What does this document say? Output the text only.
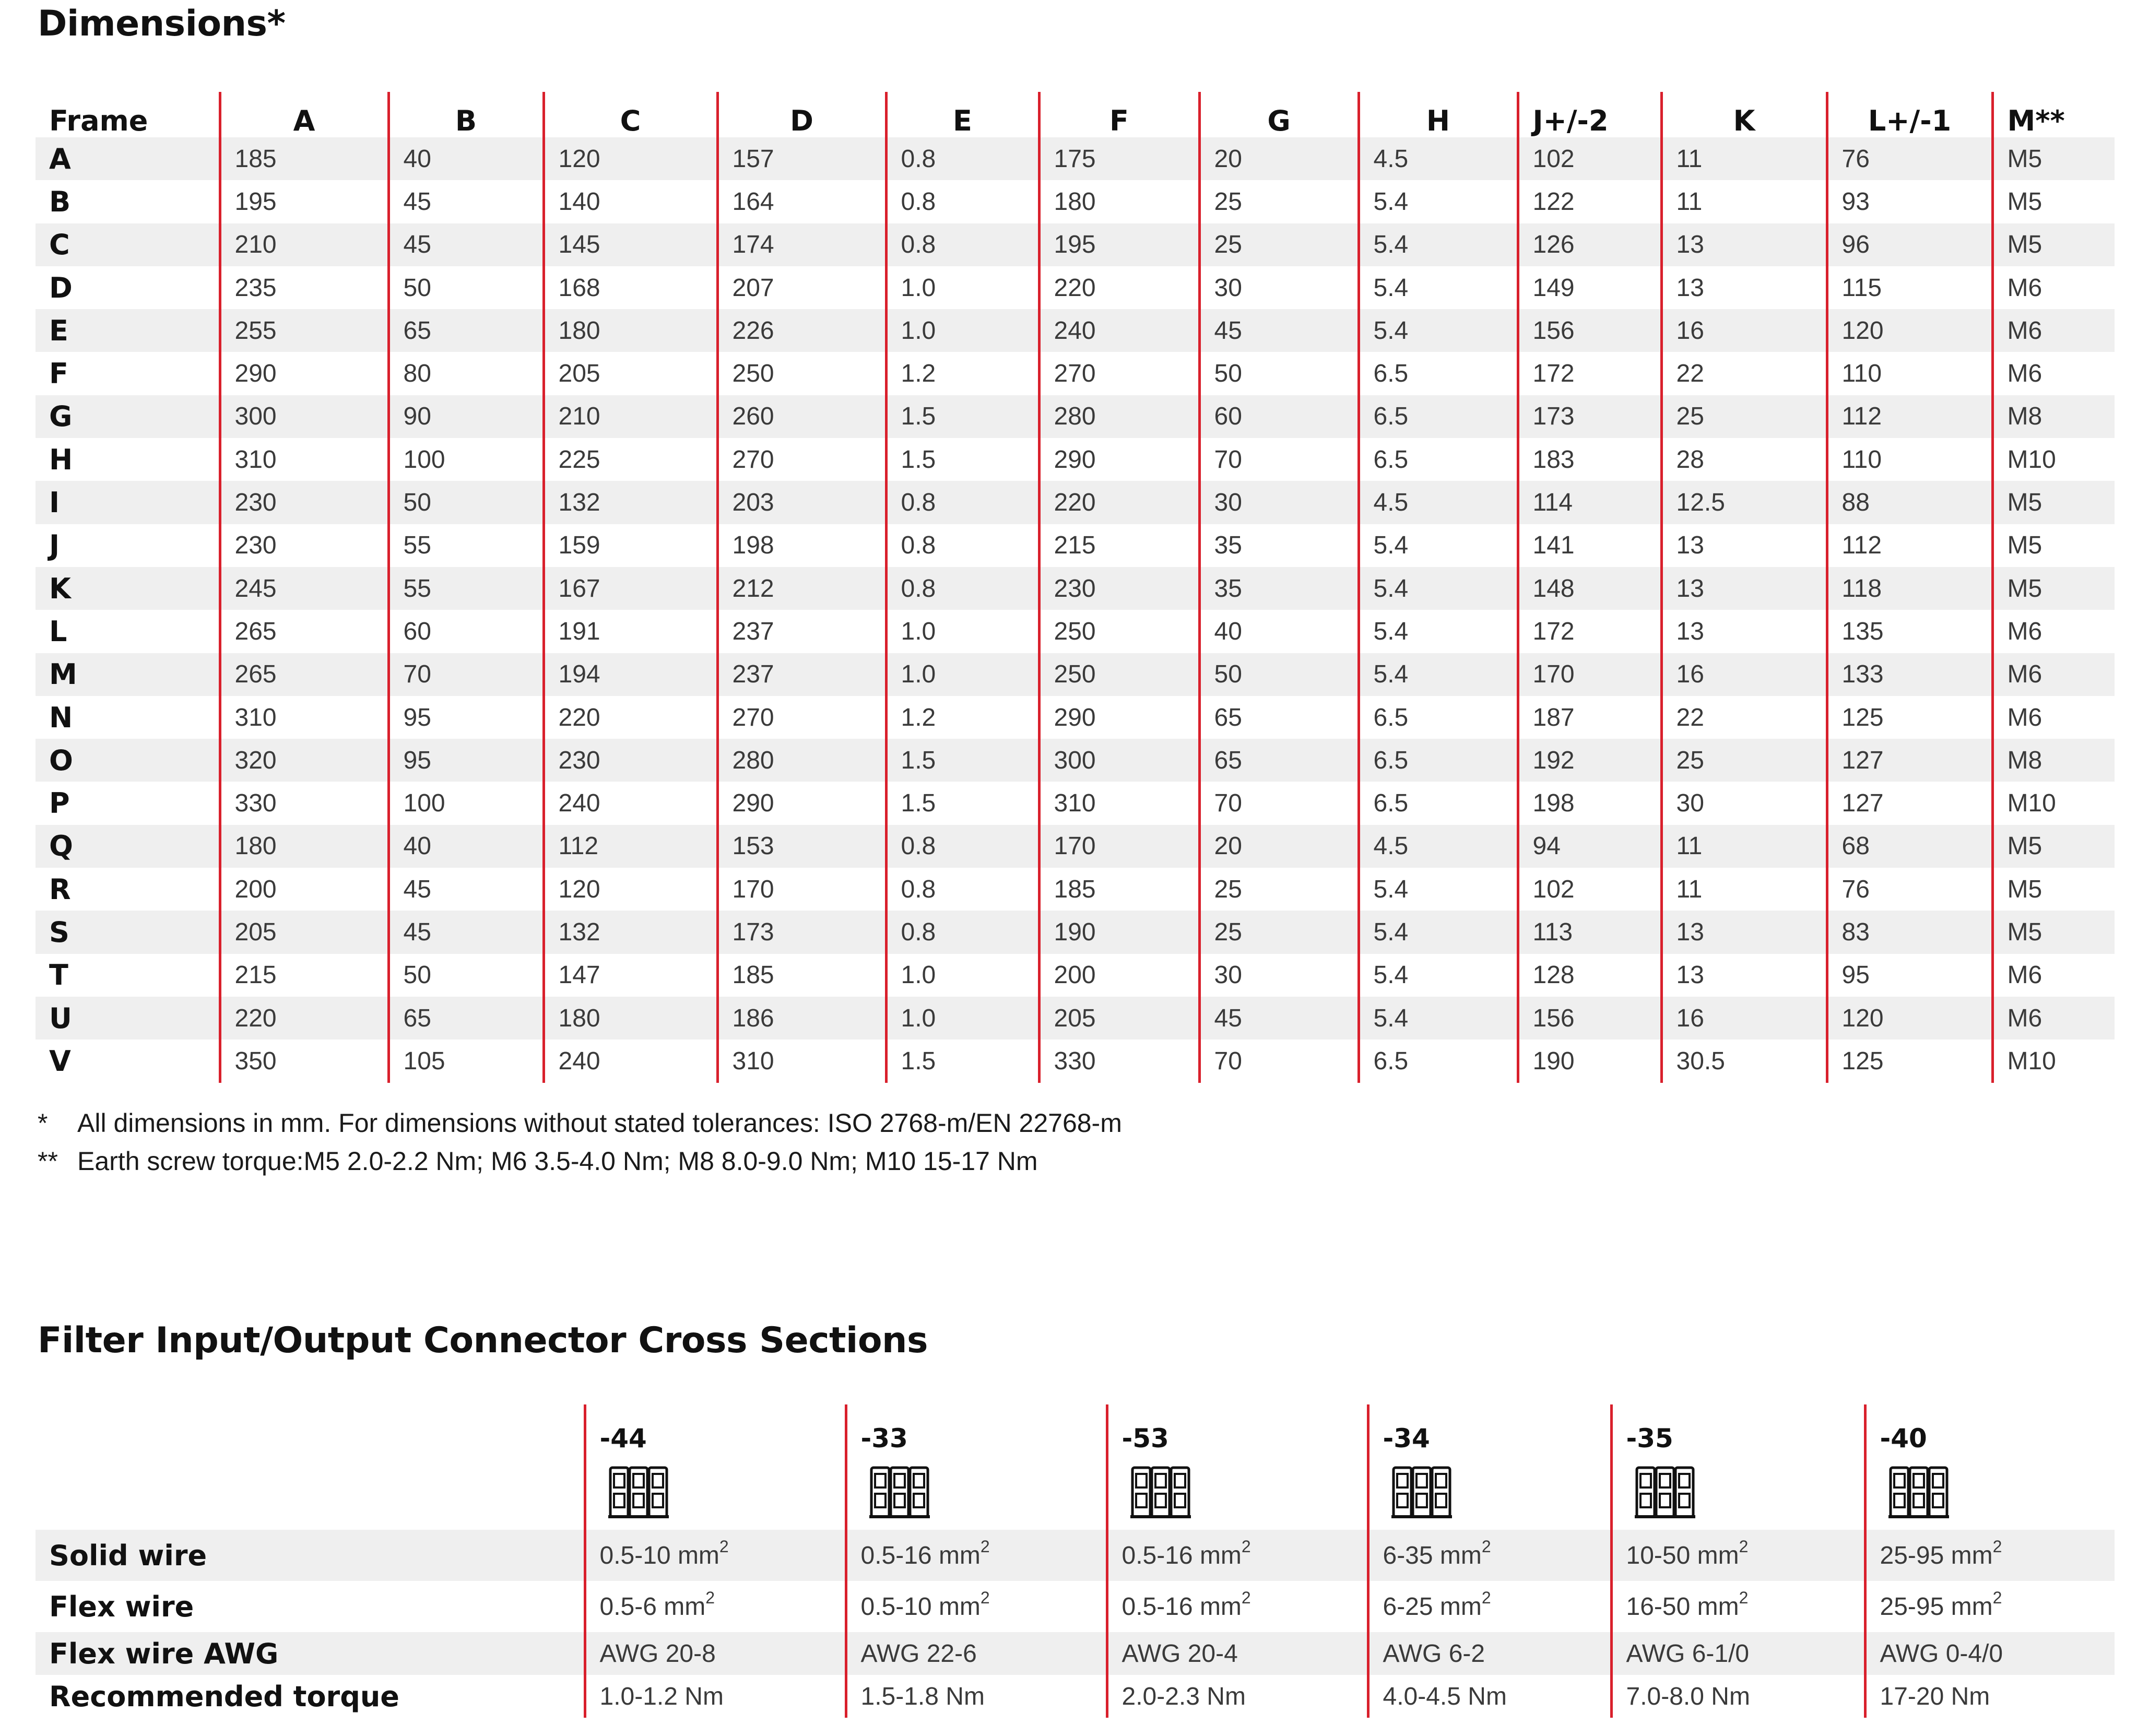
Dimensions*
Frame	A	B	C	D	E	F	G	H	J+/-2	K	L+/-1	M**
A	185	40	120	157	0.8	175	20	4.5	102	11	76	M5
B	195	45	140	164	0.8	180	25	5.4	122	11	93	M5
C	210	45	145	174	0.8	195	25	5.4	126	13	96	M5
D	235	50	168	207	1.0	220	30	5.4	149	13	115	M6
E	255	65	180	226	1.0	240	45	5.4	156	16	120	M6
F	290	80	205	250	1.2	270	50	6.5	172	22	110	M6
G	300	90	210	260	1.5	280	60	6.5	173	25	112	M8
H	310	100	225	270	1.5	290	70	6.5	183	28	110	M10
I	230	50	132	203	0.8	220	30	4.5	114	12.5	88	M5
J	230	55	159	198	0.8	215	35	5.4	141	13	112	M5
K	245	55	167	212	0.8	230	35	5.4	148	13	118	M5
L	265	60	191	237	1.0	250	40	5.4	172	13	135	M6
M	265	70	194	237	1.0	250	50	5.4	170	16	133	M6
N	310	95	220	270	1.2	290	65	6.5	187	22	125	M6
O	320	95	230	280	1.5	300	65	6.5	192	25	127	M8
P	330	100	240	290	1.5	310	70	6.5	198	30	127	M10
Q	180	40	112	153	0.8	170	20	4.5	94	11	68	M5
R	200	45	120	170	0.8	185	25	5.4	102	11	76	M5
S	205	45	132	173	0.8	190	25	5.4	113	13	83	M5
T	215	50	147	185	1.0	200	30	5.4	128	13	95	M6
U	220	65	180	186	1.0	205	45	5.4	156	16	120	M6
V	350	105	240	310	1.5	330	70	6.5	190	30.5	125	M10

* All dimensions in mm. For dimensions without stated tolerances: ISO 2768-m/EN 22768-m

** Earth screw torque:M5 2.0-2.2 Nm; M6 3.5-4.0 Nm; M8 8.0-9.0 Nm; M10 15-17 Nm

Filter Input/Output Connector Cross Sections
	-44	-33	-53	-34	-35	-40

Solid wire	0.5-10 $mm^2$	0.5-16 $mm^2$	0.5-16 $mm^2$	6-35 $mm^2$	10-50 $mm^2$	25-95 $mm^2$
Flex wire	0.5-6 $mm^2$	0.5-10 $mm^2$	0.5-16 $mm^2$	6-25 $mm^2$	16-50 $mm^2$	25-95 $mm^2$
Flex wire AWG	AWG 20-8	AWG 22-6	AWG 20-4	AWG 6-2	AWG 6-1/0	AWG 0-4/0
Recommended torque	1.0-1.2 Nm	1.5-1.8 Nm	2.0-2.3 Nm	4.0-4.5 Nm	7.0-8.0 Nm	17-20 Nm
